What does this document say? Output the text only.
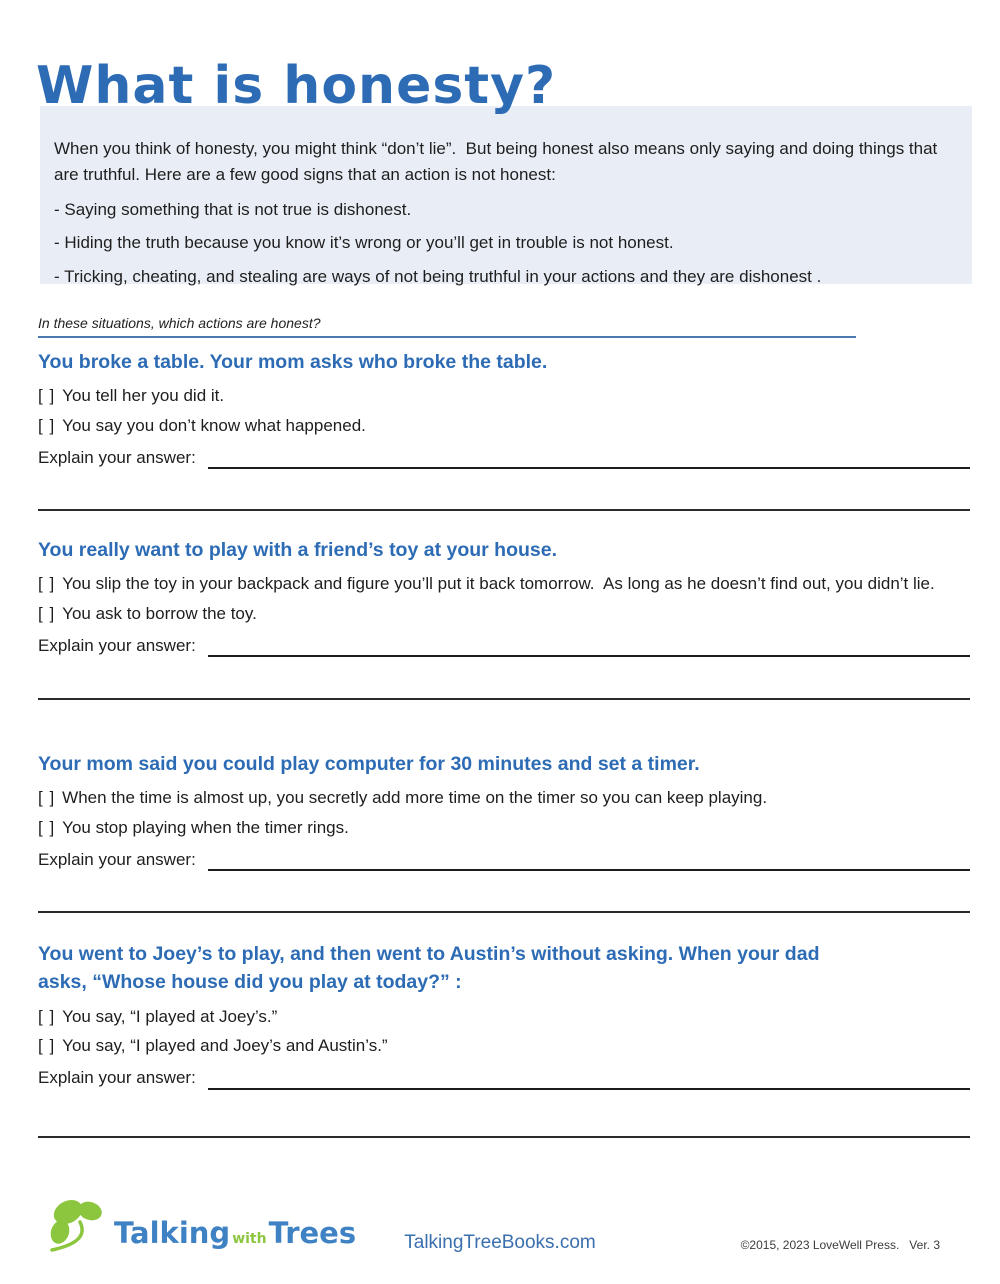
What is honesty?
When you think of honesty, you might think “don’t lie”.  But being honest also means only saying and doing things that are truthful. Here are a few good signs that an action is not honest:
- Saying something that is not true is dishonest.
- Hiding the truth because you know it’s wrong or you’ll get in trouble is not honest.
- Tricking, cheating, and stealing are ways of not being truthful in your actions and they are dishonest .
In these situations, which actions are honest?
You broke a table. Your mom asks who broke the table.
[ ] You tell her you did it.
[ ] You say you don’t know what happened.
Explain your answer:
You really want to play with a friend’s toy at your house.
[ ] You slip the toy in your backpack and figure you’ll put it back tomorrow.  As long as he doesn’t find out, you didn’t lie.
[ ] You ask to borrow the toy.
Explain your answer:
Your mom said you could play computer for 30 minutes and set a timer.
[ ] When the time is almost up, you secretly add more time on the timer so you can keep playing.
[ ] You stop playing when the timer rings.
Explain your answer:
You went to Joey’s to play, and then went to Austin’s without asking. When your dad asks, “Whose house did you play at today?” :
[ ] You say, “I played at Joey’s.”
[ ] You say, “I played and Joey’s and Austin’s.”
Explain your answer:
Talking with Trees	TalkingTreeBooks.com	©2015, 2023 LoveWell Press.   Ver. 3
